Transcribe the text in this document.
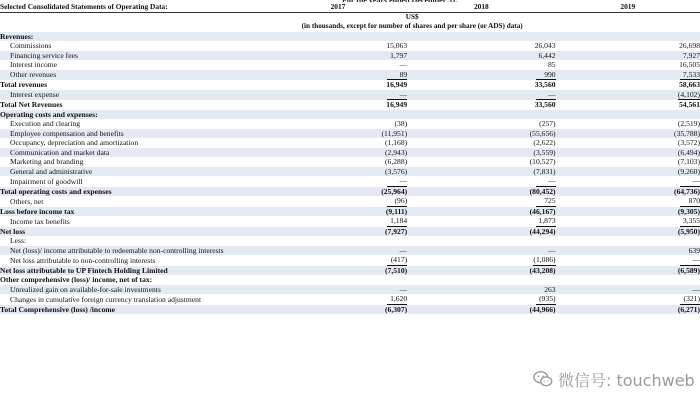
Selected Consolidated Statements of Operating Data:	2017	2018	2019
	US$		
	(in thousands, except for number of shares and per share (or ADS) data)		
Revenues:			
Commissions	15,063	26,043	26,698
Financing service fees	1,797	6,442	7,927
Interest income	—	85	16,505
Other revenues	89	990	7,533
Total revenues	16,949	33,560	58,663
Interest expense	—	—	(4,102)
Total Net Revenues	16,949	33,560	54,561
Operating costs and expenses:			
Execution and clearing	(38)	(257)	(2,519)
Employee compensation and benefits	(11,951)	(55,656)	(35,788)
Occupancy, depreciation and amortization	(1,168)	(2,622)	(3,572)
Communication and market data	(2,943)	(3,559)	(6,494)
Marketing and branding	(6,288)	(10,527)	(7,103)
General and administrative	(3,576)	(7,831)	(9,260)
Impairment of goodwill	—	—	—
Total operating costs and expenses	(25,964)	(80,452)	(64,736)
Others, net	(96)	725	870
Loss before income tax	(9,111)	(46,167)	(9,305)
Income tax benefits	1,184	1,873	3,355
Net loss	(7,927)	(44,294)	(5,950)
Less:			
Net (loss)/ income attributable to redeemable non-controlling interests	—	—	639
Net loss attributable to non-controlling interests	(417)	(1,086)	—
Net loss attributable to UP Fintech Holding Limited	(7,510)	(43,208)	(6,589)
Other comprehensive (loss)/ income, net of tax:			
Unrealized gain on available-for-sale investments	—	263	—
Changes in cumulative foreign currency translation adjustment	1,620	(935)	(321)
Total Comprehensive (loss) /income	(6,307)	(44,966)	(6,271)
微信号: touchweb
